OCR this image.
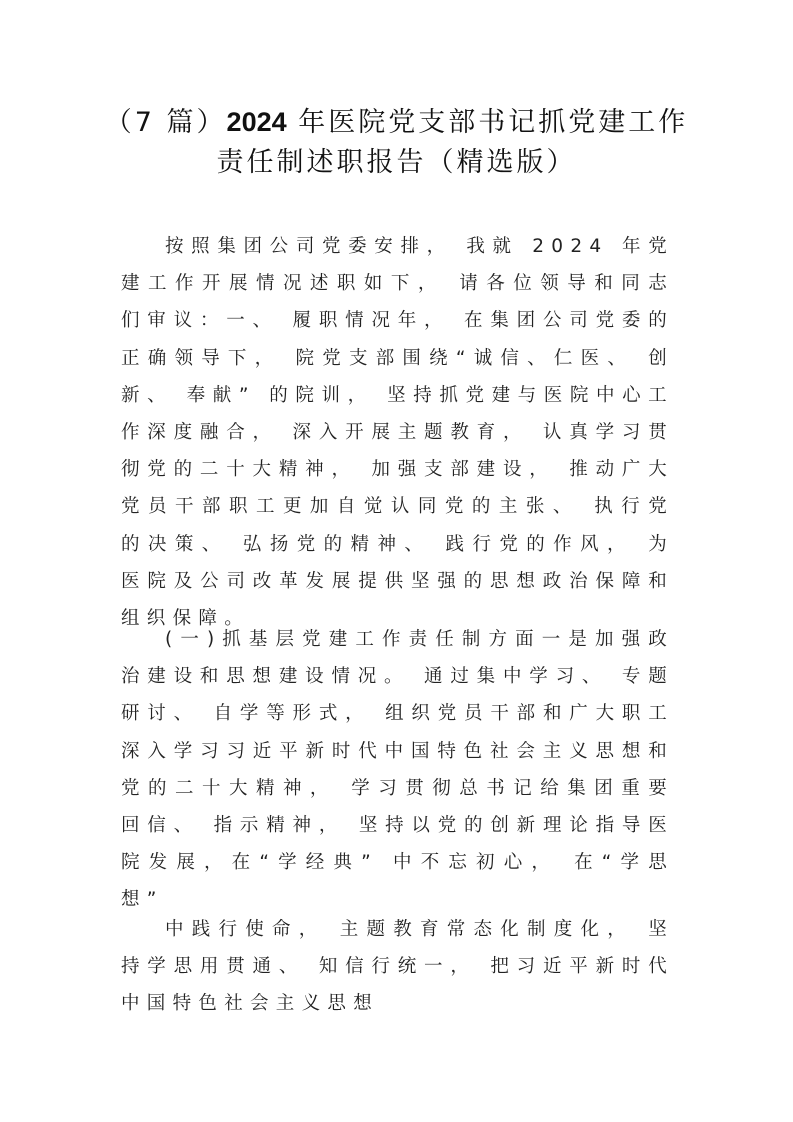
（7 篇）2024 年医院党支部书记抓党建工作
责任制述职报告（精选版）
按照集团公司党委安排， 我就 2024 年党建工作开展情况述职如下， 请各位领导和同志们审议：一、 履职情况年， 在集团公司党委的正确领导下， 院党支部围绕“诚信、仁医、 创新、 奉献” 的院训， 坚持抓党建与医院中心工作深度融合， 深入开展主题教育， 认真学习贯彻党的二十大精神， 加强支部建设， 推动广大党员干部职工更加自觉认同党的主张、 执行党的决策、 弘扬党的精神、 践行党的作风， 为医院及公司改革发展提供坚强的思想政治保障和组织保障。
(一)抓基层党建工作责任制方面一是加强政治建设和思想建设情况。 通过集中学习、 专题研讨、 自学等形式， 组织党员干部和广大职工深入学习习近平新时代中国特色社会主义思想和党的二十大精神， 学习贯彻总书记给集团重要回信、 指示精神， 坚持以党的创新理论指导医院发展，在“学经典” 中不忘初心， 在“学思想”
中践行使命， 主题教育常态化制度化， 坚持学思用贯通、 知信行统一， 把习近平新时代中国特色社会主义思想
